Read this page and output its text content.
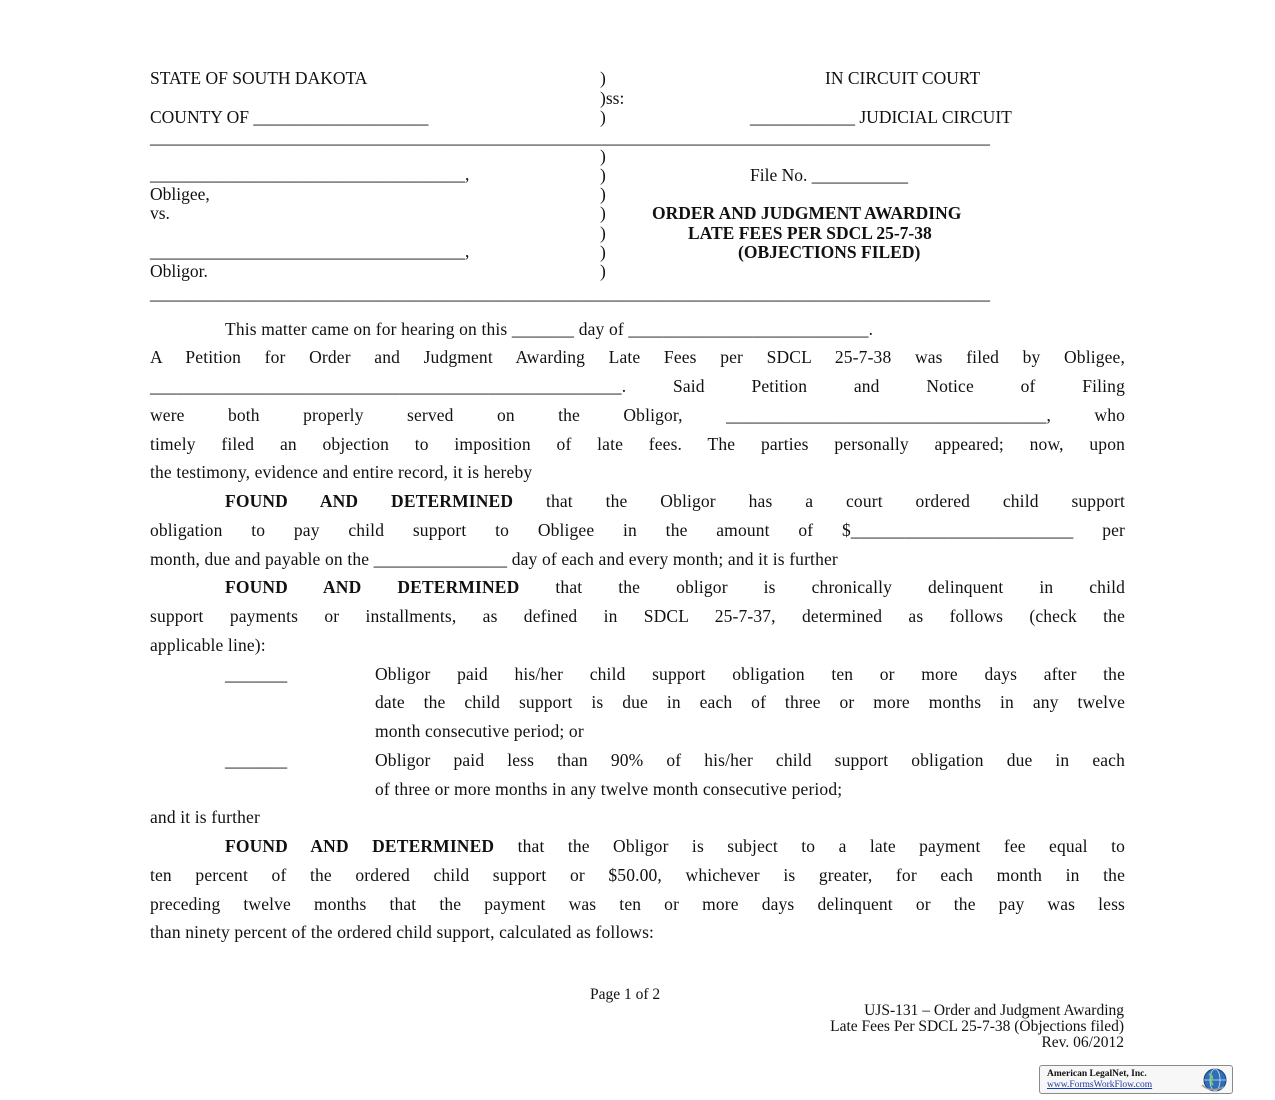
STATE OF SOUTH DAKOTA
COUNTY OF ____________________
IN CIRCUIT COURT
____________ JUDICIAL CIRCUIT
)
)ss:
)
________________________________________________________________________________________________
)
____________________________________,	)	File No. ___________
Obligee,	)
vs.	)
)
____________________________________,	)
Obligor.	)
ORDER AND JUDGMENT AWARDING
LATE FEES PER SDCL 25-7-38
(OBJECTIONS FILED)
________________________________________________________________________________________________
This matter came on for hearing on this _______ day of ___________________________.
A Petition for Order and Judgment Awarding Late Fees per SDCL 25-7-38 was filed by Obligee,
_____________________________________________________. Said Petition and Notice of Filing
were both properly served on the Obligor, ____________________________________, who
timely filed an objection to imposition of late fees. The parties personally appeared; now, upon
the testimony, evidence and entire record, it is hereby
FOUND AND DETERMINED that the Obligor has a court ordered child support
obligation to pay child support to Obligee in the amount of $_________________________ per
month, due and payable on the _______________ day of each and every month; and it is further
FOUND AND DETERMINED that the obligor is chronically delinquent in child
support payments or installments, as defined in SDCL 25-7-37, determined as follows (check the
applicable line):
_______	Obligor paid his/her child support obligation ten or more days after the
date the child support is due in each of three or more months in any twelve
month consecutive period; or
_______	Obligor paid less than 90% of his/her child support obligation due in each
of three or more months in any twelve month consecutive period;
and it is further
FOUND AND DETERMINED that the Obligor is subject to a late payment fee equal to
ten percent of the ordered child support or $50.00, whichever is greater, for each month in the
preceding twelve months that the payment was ten or more days delinquent or the pay was less
than ninety percent of the ordered child support, calculated as follows:
Page 1 of 2
UJS-131 – Order and Judgment Awarding
Late Fees Per SDCL 25-7-38 (Objections filed)
Rev. 06/2012
American LegalNet, Inc.
www.FormsWorkFlow.com
